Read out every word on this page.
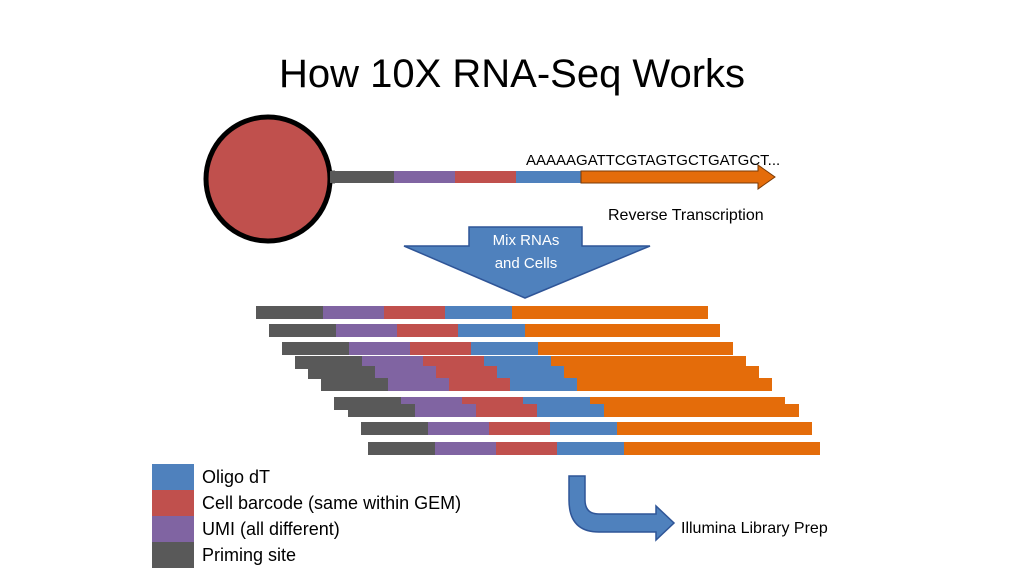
How 10X RNA-Seq Works
AAAAAGATTCGTAGTGCTGATGCT...
Reverse Transcription
Mix RNAs
and Cells
Illumina Library Prep
Oligo dT
Cell barcode (same within GEM)
UMI (all different)
Priming site
